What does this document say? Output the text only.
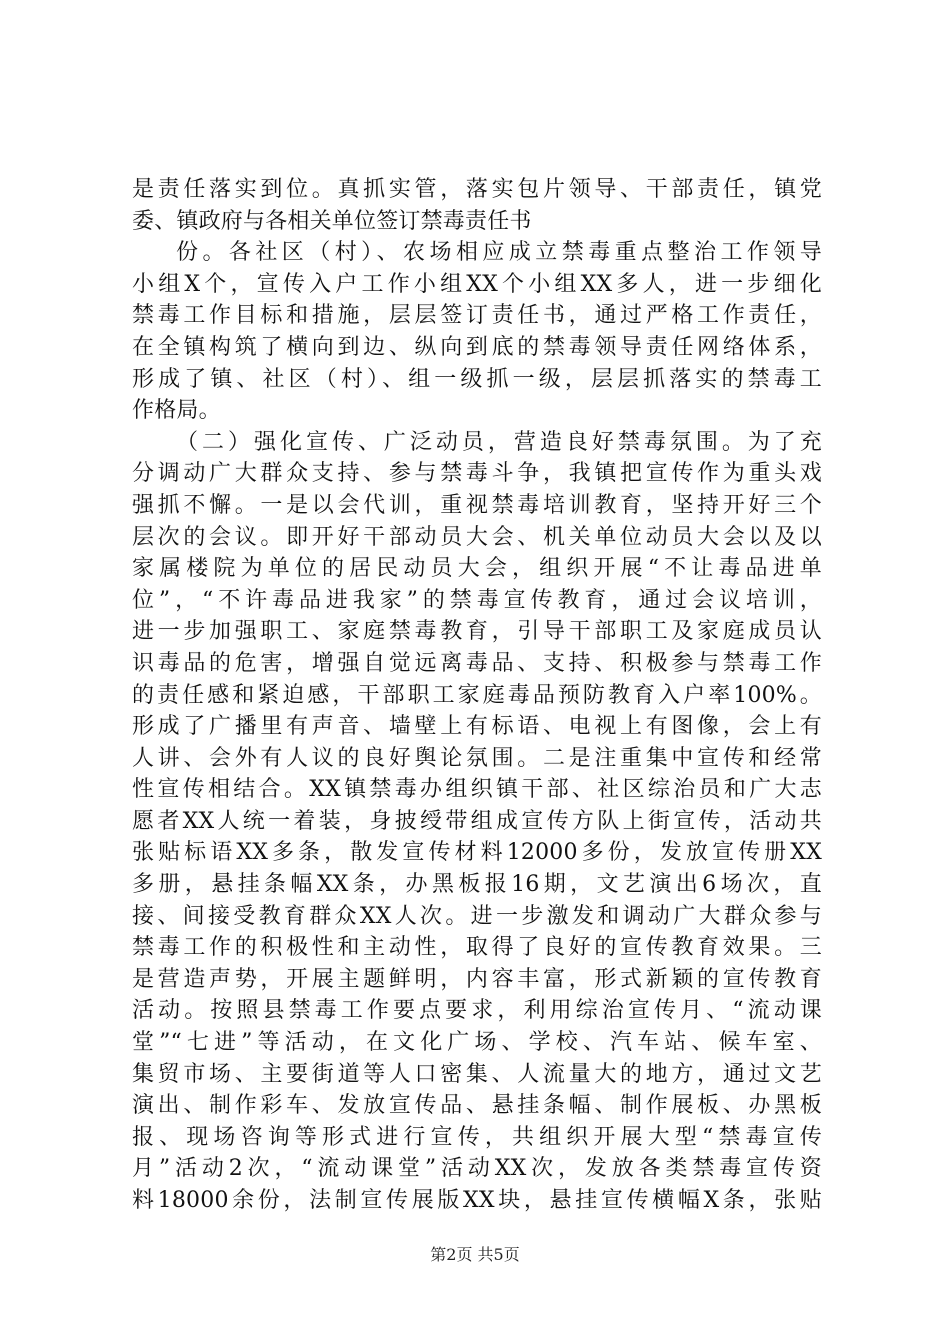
是责任落实到位。真抓实管，落实包片领导、干部责任，镇党
委、镇政府与各相关单位签订禁毒责任书
份。各社区（村）、农场相应成立禁毒重点整治工作领导
小组X个，宣传入户工作小组XX个小组XX多人，进一步细化
禁毒工作目标和措施，层层签订责任书，通过严格工作责任，
在全镇构筑了横向到边、纵向到底的禁毒领导责任网络体系，
形成了镇、社区（村）、组一级抓一级，层层抓落实的禁毒工
作格局。
（二）强化宣传、广泛动员，营造良好禁毒氛围。为了充
分调动广大群众支持、参与禁毒斗争，我镇把宣传作为重头戏
强抓不懈。一是以会代训，重视禁毒培训教育，坚持开好三个
层次的会议。即开好干部动员大会、机关单位动员大会以及以
家属楼院为单位的居民动员大会，组织开展“不让毒品进单
位”，“不许毒品进我家”的禁毒宣传教育，通过会议培训，
进一步加强职工、家庭禁毒教育，引导干部职工及家庭成员认
识毒品的危害，增强自觉远离毒品、支持、积极参与禁毒工作
的责任感和紧迫感，干部职工家庭毒品预防教育入户率100%。
形成了广播里有声音、墙壁上有标语、电视上有图像，会上有
人讲、会外有人议的良好舆论氛围。二是注重集中宣传和经常
性宣传相结合。XX镇禁毒办组织镇干部、社区综治员和广大志
愿者XX人统一着装，身披绶带组成宣传方队上街宣传，活动共
张贴标语XX多条，散发宣传材料12000多份，发放宣传册XX
多册，悬挂条幅XX条，办黑板报16期，文艺演出6场次，直
接、间接受教育群众XX人次。进一步激发和调动广大群众参与
禁毒工作的积极性和主动性，取得了良好的宣传教育效果。三
是营造声势，开展主题鲜明，内容丰富，形式新颖的宣传教育
活动。按照县禁毒工作要点要求，利用综治宣传月、“流动课
堂”“七进”等活动，在文化广场、学校、汽车站、候车室、
集贸市场、主要街道等人口密集、人流量大的地方，通过文艺
演出、制作彩车、发放宣传品、悬挂条幅、制作展板、办黑板
报、现场咨询等形式进行宣传，共组织开展大型“禁毒宣传
月”活动2次，“流动课堂”活动XX次，发放各类禁毒宣传资
料18000余份，法制宣传展版XX块，悬挂宣传横幅X条，张贴
第2页 共5页
